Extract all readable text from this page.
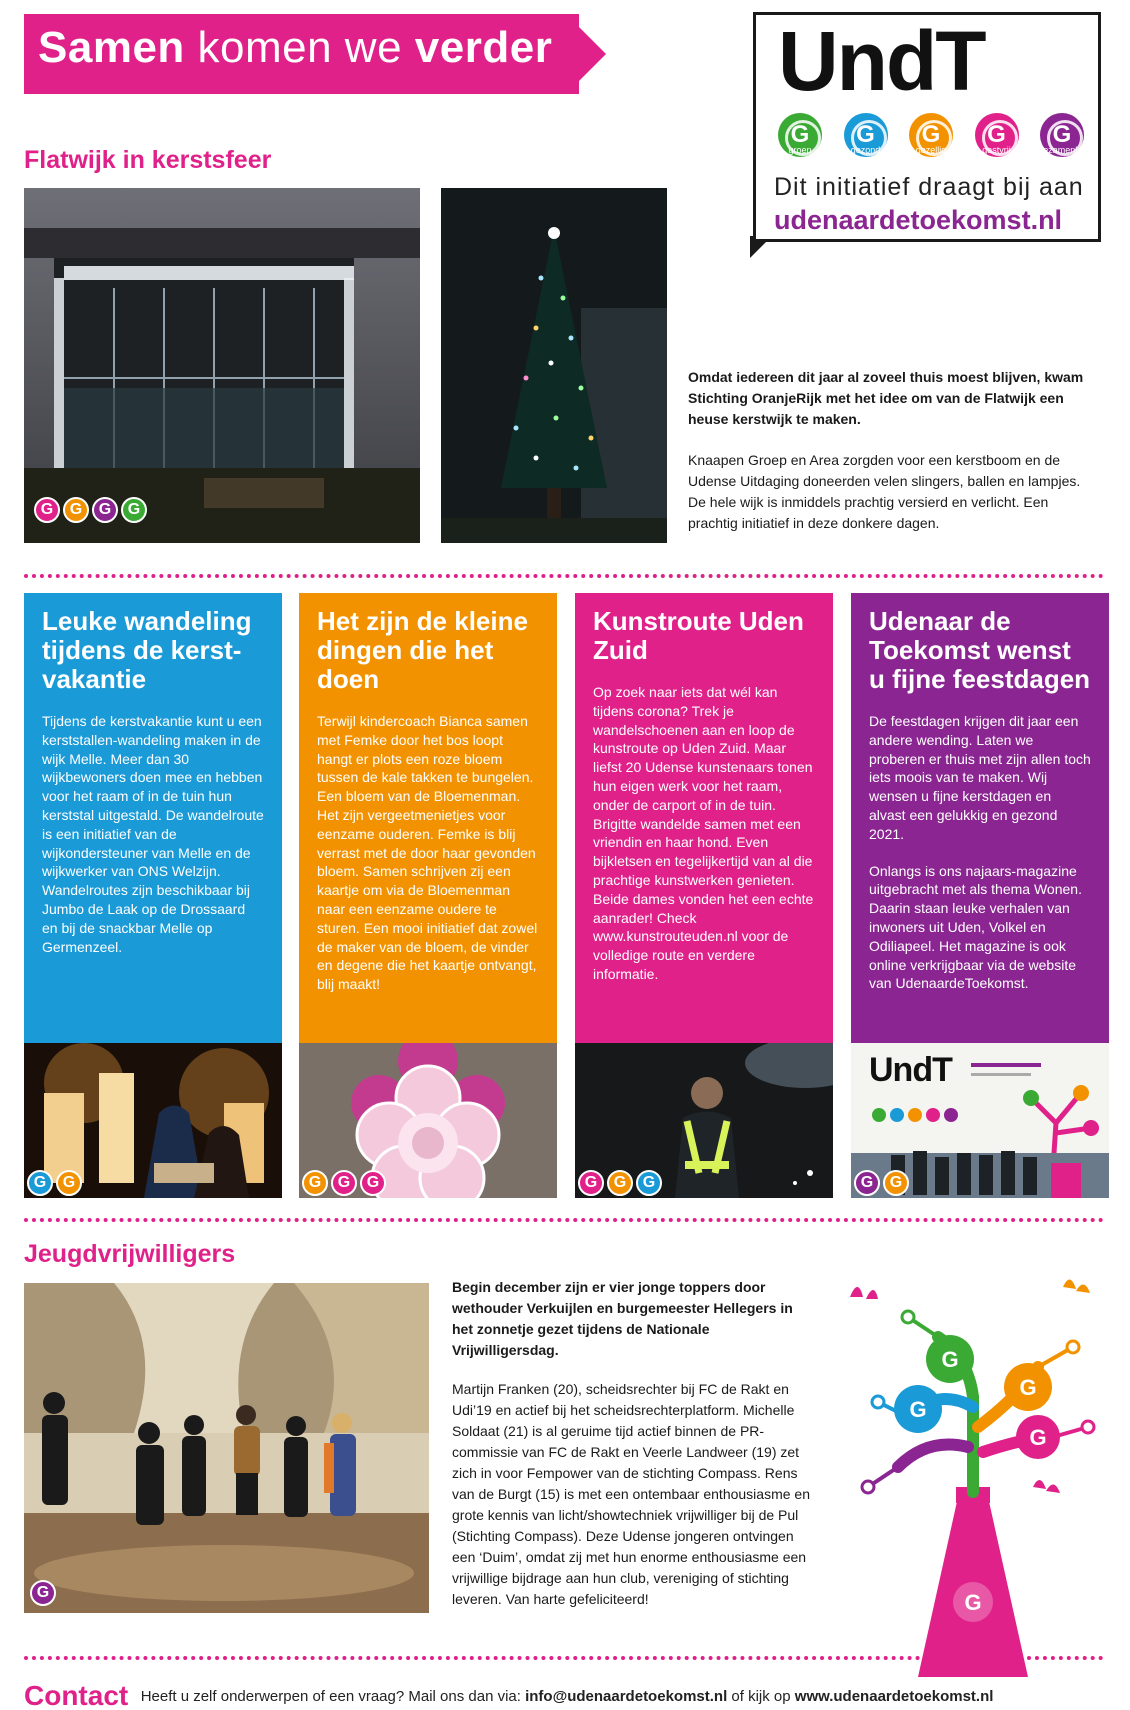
Samen komen we verder	UndT
G
groen
G
gezond
G
gezellig
G
gastvrij
G
gezamenlijk
Dit initiatief draagt bij aan
udenaardetoekomst.nl
Flatwijk in kerstsfeer
G	G	G	G

Omdat iedereen dit jaar al zoveel thuis moest blijven, kwam Stichting OranjeRijk met het idee om van de Flatwijk een heuse kerstwijk te maken.

Knaapen Groep en Area zorgden voor een kerstboom en de Udense Uitdaging doneerden velen slingers, ballen en lampjes. De hele wijk is inmiddels prachtig versierd en verlicht. Een prachtig initiatief in deze donkere dagen.

Leuke wandeling tijdens de kerst-vakantie

Tijdens de kerstvakantie kunt u een kerststallen-wandeling maken in de wijk Melle. Meer dan 30 wijkbewoners doen mee en hebben voor het raam of in de tuin hun kerststal uitgestald. De wandelroute is een initiatief van de wijkondersteuner van Melle en de wijkwerker van ONS Welzijn. Wandelroutes zijn beschikbaar bij Jumbo de Laak op de Drossaard en bij de snackbar Melle op Germenzeel.

Het zijn de kleine dingen die het doen

Terwijl kindercoach Bianca samen met Femke door het bos loopt hangt er plots een roze bloem tussen de kale takken te bungelen. Een bloem van de Bloemenman. Het zijn vergeetmenietjes voor eenzame ouderen. Femke is blij verrast met de door haar gevonden bloem. Samen schrijven zij een kaartje om via de Bloemenman naar een eenzame oudere te sturen. Een mooi initiatief dat zowel de maker van de bloem, de vinder en degene die het kaartje ontvangt, blij maakt!

Kunstroute Uden Zuid

Op zoek naar iets dat wél kan tijdens corona? Trek je wandelschoenen aan en loop de kunstroute op Uden Zuid. Maar liefst 20 Udense kunstenaars tonen hun eigen werk voor het raam, onder de carport of in de tuin. Brigitte wandelde samen met een vriendin en haar hond. Even bijkletsen en tegelijkertijd van al die prachtige kunstwerken genieten. Beide dames vonden het een echte aanrader! Check www.kunstrouteuden.nl voor de volledige route en verdere informatie.

Udenaar de Toekomst wenst u fijne feestdagen

De feestdagen krijgen dit jaar een andere wending. Laten we proberen er thuis met zijn allen toch iets moois van te maken. Wij wensen u fijne kerstdagen en alvast een gelukkig en gezond 2021.

Onlangs is ons najaars-magazine uitgebracht met als thema Wonen. Daarin staan leuke verhalen van inwoners uit Uden, Volkel en Odiliapeel. Het magazine is ook online verkrijgbaar via de website van UdenaardeToekomst.

G	G	G	G	G	G	G	G
UndT
G	G
Jeugdvrijwilligers
G

Begin december zijn er vier jonge toppers door wethouder Verkuijlen en burgemeester Hellegers in het zonnetje gezet tijdens de Nationale Vrijwilligersdag.

Martijn Franken (20), scheidsrechter bij FC de Rakt en Udi’19 en actief bij het scheidsrechterplatform. Michelle Soldaat (21) is al geruime tijd actief binnen de PR-commissie van FC de Rakt en Veerle Landweer (19) zet zich in voor Fempower van de stichting Compass. Rens van de Burgt (15) is met een ontembaar enthousiasme en grote kennis van licht/showtechniek vrijwilliger bij de Pul (Stichting Compass). Deze Udense jongeren ontvingen een ‘Duim’, omdat zij met hun enorme enthousiasme een vrijwillige bijdrage aan hun club, vereniging of stichting leveren. Van harte gefeliciteerd!

G
G
G
G
G
Contact Heeft u zelf onderwerpen of een vraag? Mail ons dan via: info@udenaardetoekomst.nl of kijk op www.udenaardetoekomst.nl
